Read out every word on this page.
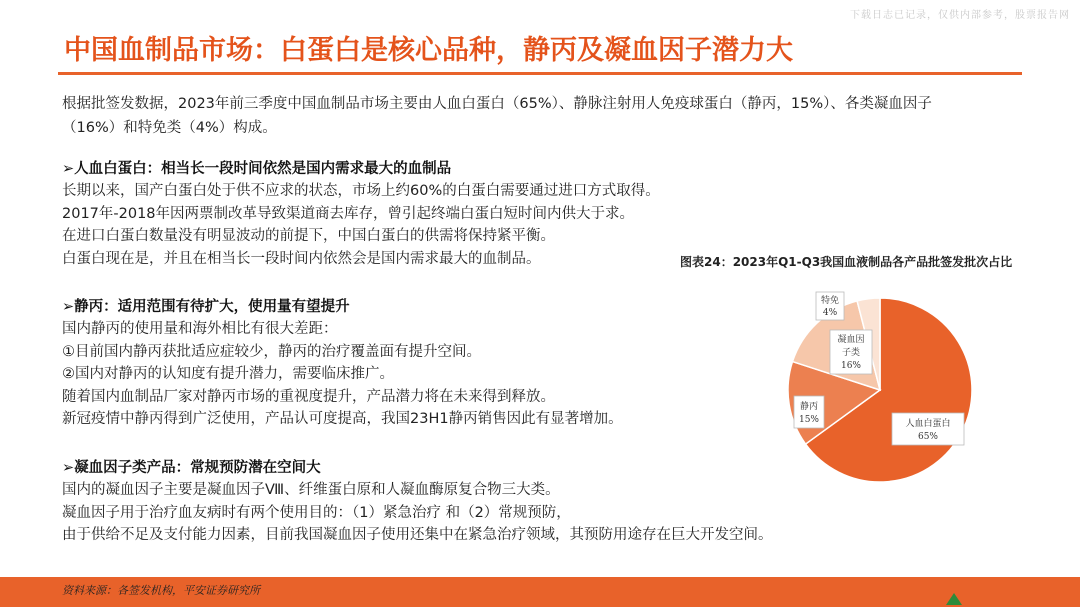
下载日志已记录，仅供内部参考，股票报告网
中国血制品市场：白蛋白是核心品种，静丙及凝血因子潜力大
根据批签发数据，2023年前三季度中国血制品市场主要由人血白蛋白（65%）、静脉注射用人免疫球蛋白（静丙，15%）、各类凝血因子（16%）和特免类（4%）构成。
➢人血白蛋白：相当长一段时间依然是国内需求最大的血制品
长期以来，国产白蛋白处于供不应求的状态，市场上约60%的白蛋白需要通过进口方式取得。
2017年-2018年因两票制改革导致渠道商去库存，曾引起终端白蛋白短时间内供大于求。
在进口白蛋白数量没有明显波动的前提下，中国白蛋白的供需将保持紧平衡。
白蛋白现在是，并且在相当长一段时间内依然会是国内需求最大的血制品。
➢静丙：适用范围有待扩大，使用量有望提升
国内静丙的使用量和海外相比有很大差距：
①目前国内静丙获批适应症较少，静丙的治疗覆盖面有提升空间。
②国内对静丙的认知度有提升潜力，需要临床推广。
随着国内血制品厂家对静丙市场的重视度提升，产品潜力将在未来得到释放。
新冠疫情中静丙得到广泛使用，产品认可度提高，我国23H1静丙销售因此有显著增加。
➢凝血因子类产品：常规预防潜在空间大
国内的凝血因子主要是凝血因子Ⅷ、纤维蛋白原和人凝血酶原复合物三大类。
凝血因子用于治疗血友病时有两个使用目的：（1）紧急治疗 和（2）常规预防，
由于供给不足及支付能力因素，目前我国凝血因子使用还集中在紧急治疗领域，其预防用途存在巨大开发空间。
图表24：2023年Q1-Q3我国血液制品各产品批签发批次占比
人血白蛋白
65%
静丙
15%
凝血因
子类
16%
特免
4%
资料来源：各签发机构，平安证券研究所
